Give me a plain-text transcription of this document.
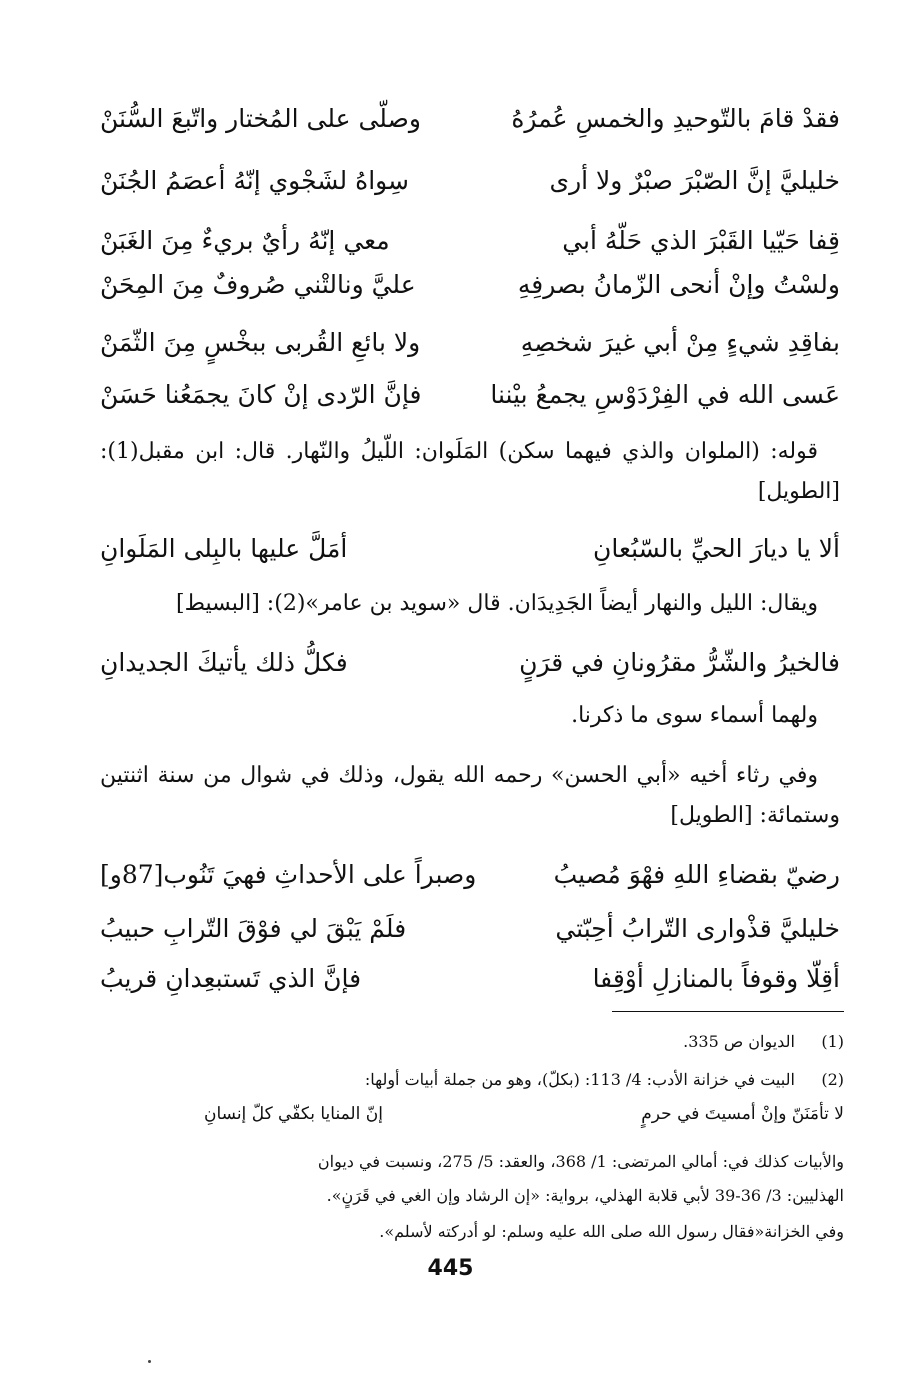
فقدْ قامَ بالتّوحيدِ والخمسِ عُمرُهُ
وصلّى على المُختار واتّبعَ السُّنَنْ
خليليَّ إنَّ الصّبْرَ صبْرٌ ولا أرى
سِواهُ لشَجْوي إنّهُ أعصَمُ الجُنَنْ
قِفا حَيّيا القَبْرَ الذي حَلّهُ أبي
معي إنّهُ رأيٌ بريءٌ مِنَ الغَبَنْ
ولسْتُ وإنْ أنحى الزّمانُ بصرفِهِ
عليَّ ونالتْني صُروفٌ مِنَ المِحَنْ
بفاقِدِ شيءٍ مِنْ أبي غيرَ شخصِهِ
ولا بائعِ القُربى ببخْسٍ مِنَ الثّمَنْ
عَسى الله في الفِرْدَوْسِ يجمعُ بيْننا
فإنَّ الرّدى إنْ كانَ يجمَعُنا حَسَنْ
قوله: (الملوان والذي فيهما سكن) المَلَوان: اللّيلُ والنّهار. قال: ابن مقبل(1): [الطويل]
ألا يا ديارَ الحيِّ بالسّبُعانِ
أمَلَّ عليها بالبِلى المَلَوانِ
ويقال: الليل والنهار أيضاً الجَدِيدَان. قال «سويد بن عامر»(2): [البسيط]
فالخيرُ والشّرُّ مقرُونانِ في قرَنٍ
فكلُّ ذلك يأتيكَ الجديدانِ
ولهما أسماء سوى ما ذكرنا.
وفي رثاء أخيه «أبي الحسن» رحمه الله يقول، وذلك في شوال من سنة اثنتين وستمائة: [الطويل]
رضيّ بقضاءِ اللهِ فهْوَ مُصيبُ
وصبراً على الأحداثِ فهيَ تَنُوب[87و]
خليليَّ قذْوارى التّرابُ أحِبّتي
فلَمْ يَبْقَ لي فوْقَ التّرابِ حبيبُ
أقِلّا وقوفاً بالمنازلِ أوْقِفا
فإنَّ الذي تَستبعِدانِ قريبُ
(1) الديوان ص 335.
(2) البيت في خزانة الأدب: 4/ 113: (بكلّ)، وهو من جملة أبيات أولها:
لا تأمَنَنّ وإنْ أمسيتَ في حرمٍ
إنّ المنايا بكفّي كلّ إنسانِ
والأبيات كذلك في: أمالي المرتضى: 1/ 368، والعقد: 5/ 275، ونسبت في ديوان
الهذليين: 3/ 36-39 لأبي قلابة الهذلي، برواية: «إن الرشاد وإن الغي في قَرَنٍ».
وفي الخزانة«فقال رسول الله صلى الله عليه وسلم: لو أدركته لأسلم».
445
